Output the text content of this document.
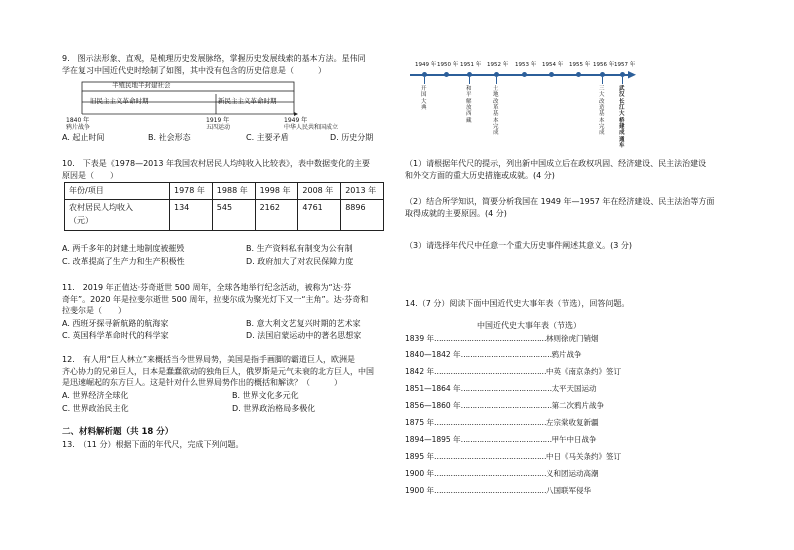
9.　图示法形象、直观，是梳理历史发展脉络，掌握历史发展线索的基本方法。星伟同
学在复习中国近代史时绘制了如图，其中没有包含的历史信息是（　　　）
半殖民地半封建社会
旧民主主义革命时期	新民主主义革命时期
1840 年
鸦片战争
1919 年
五四运动
1949 年
中华人民共和国成立
A. 起止时间	B. 社会形态	C. 主要矛盾	D. 历史分期
10.　下表是《1978—2013 年我国农村居民人均纯收入比较表》，表中数据变化的主要
原因是（　　）
年份/项目	1978 年	1988 年	1998 年	2008 年	2013 年

农村居民人均收入
（元）	134	545	2162	4761	8896
A. 两千多年的封建土地制度被摧毁	B. 生产资料私有制变为公有制
C. 改革提高了生产力和生产积极性	D. 政府加大了对农民保障力度
11.　2019 年正值达·芬奇逝世 500 周年，全球各地举行纪念活动，被称为“达·芬
奇年”。2020 年是拉斐尔逝世 500 周年，拉斐尔成为聚光灯下又一“主角”。达·芬奇和
拉斐尔是（　　）
A. 西班牙探寻新航路的航海家	B. 意大利文艺复兴时期的艺术家
C. 英国科学革命时代的科学家	D. 法国启蒙运动中的著名思想家
12.　有人用“巨人林立”来概括当今世界局势，美国是指手画脚的霸道巨人，欧洲是
齐心协力的兄弟巨人，日本是蠢蠢欲动的独角巨人，俄罗斯是元气未衰的北方巨人，中国
是迅速崛起的东方巨人。这是针对什么世界局势作出的概括和解读？（　　　）
A. 世界经济全球化	B. 世界文化多元化
C. 世界政治民主化	D. 世界政治格局多极化
二、材料解析题（共 18 分）
13.　（11 分）根据下面的年代尺，完成下列问题。
1949 年 1950 年 1951 年 1952 年 1953 年 1954 年 1955 年 1956 年 1957 年
开国大典
和平解放西藏
土地改革基本完成
三大改造基本完成
武汉长江大桥建成通车
（1）请根据年代尺的提示，列出新中国成立后在政权巩固、经济建设、民主法治建设
和外交方面的重大历史措施或成就。(4 分)
（2）结合所学知识，简要分析我国在 1949 年—1957 年在经济建设、民主法治等方面
取得成就的主要原因。(4 分)
（3）请选择年代尺中任意一个重大历史事件阐述其意义。(3 分)
14.（7 分）阅读下面中国近代史大事年表（节选），回答问题。
中国近代史大事年表（节选）
1839 年…………………………………………林则徐虎门销烟
1840—1842 年…………………………………鸦片战争
1842 年…………………………………………中英《南京条约》签订
1851—1864 年…………………………………太平天国运动
1856—1860 年…………………………………第二次鸦片战争
1875 年…………………………………………左宗棠收复新疆
1894—1895 年…………………………………甲午中日战争
1895 年…………………………………………中日《马关条约》签订
1900 年…………………………………………义和团运动高潮
1900 年…………………………………………八国联军侵华
